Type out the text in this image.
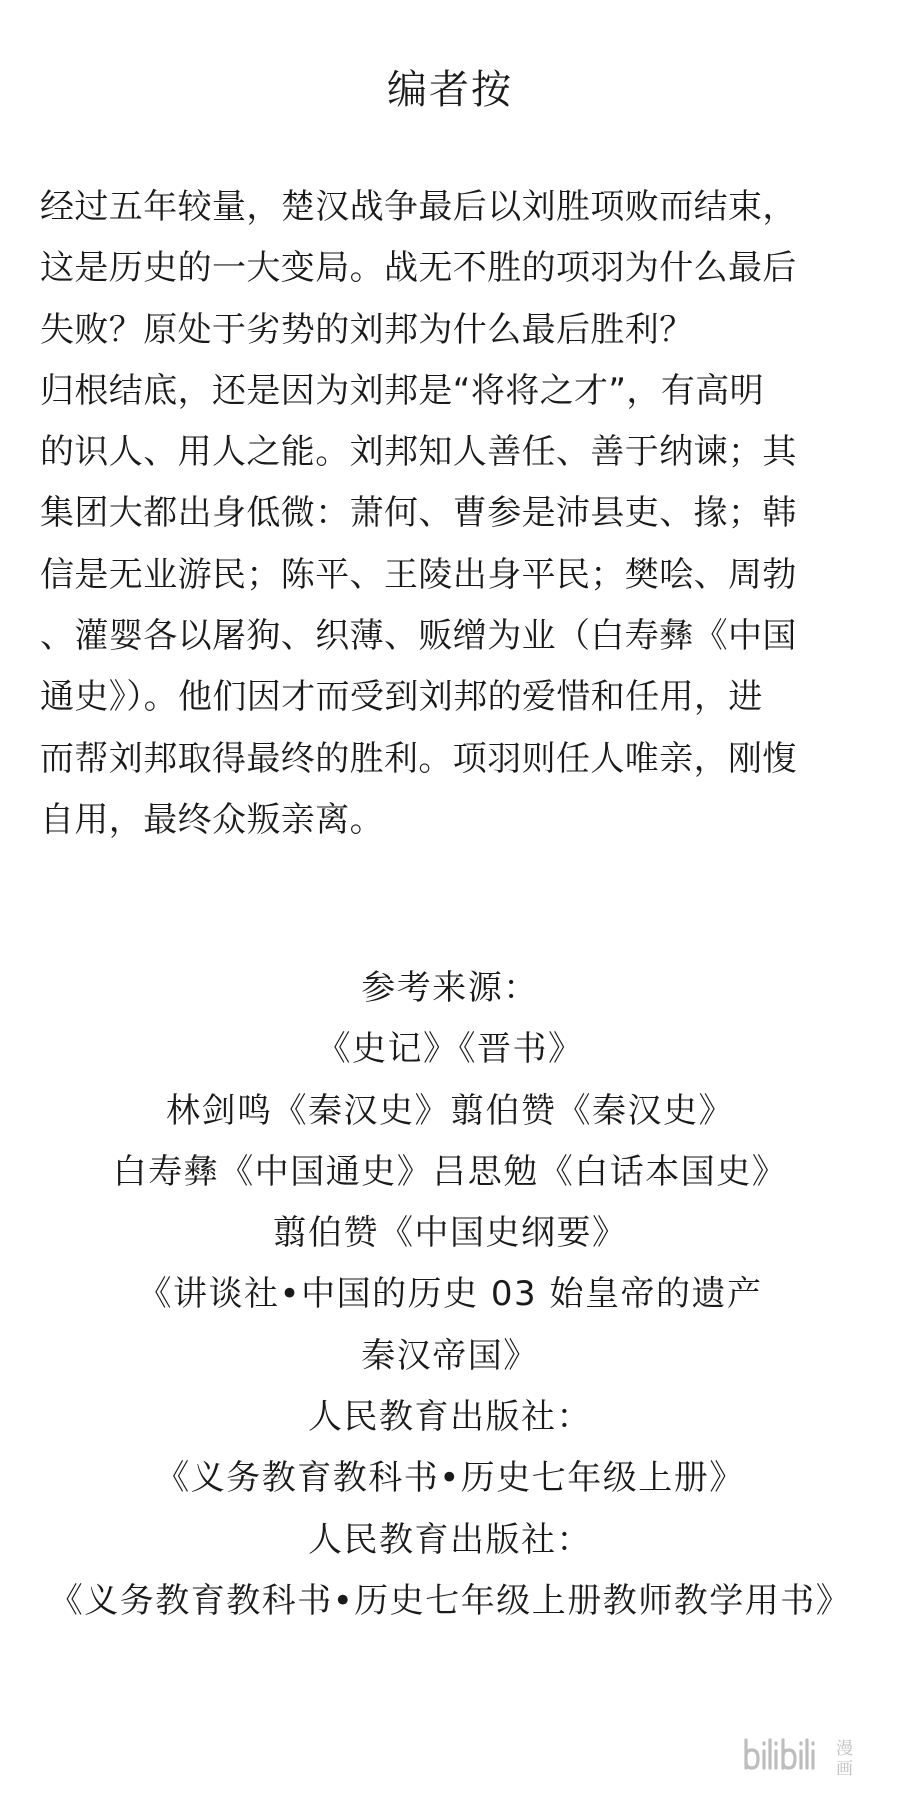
编者按
经过五年较量，楚汉战争最后以刘胜项败而结束，
这是历史的一大变局。战无不胜的项羽为什么最后
失败？原处于劣势的刘邦为什么最后胜利？
归根结底，还是因为刘邦是“将将之才”，有高明
的识人、用人之能。刘邦知人善任、善于纳谏；其
集团大都出身低微：萧何、曹参是沛县吏、掾；韩
信是无业游民；陈平、王陵出身平民；樊哙、周勃
、灌婴各以屠狗、织薄、贩缯为业（白寿彝《中国
通史》）。他们因才而受到刘邦的爱惜和任用，进
而帮刘邦取得最终的胜利。项羽则任人唯亲，刚愎
自用，最终众叛亲离。
参考来源：
《史记》《晋书》
林剑鸣《秦汉史》翦伯赞《秦汉史》
白寿彝《中国通史》吕思勉《白话本国史》
翦伯赞《中国史纲要》
《讲谈社•中国的历史 03 始皇帝的遗产
秦汉帝国》
人民教育出版社：
《义务教育教科书•历史七年级上册》
人民教育出版社：
《义务教育教科书•历史七年级上册教师教学用书》
漫
画
